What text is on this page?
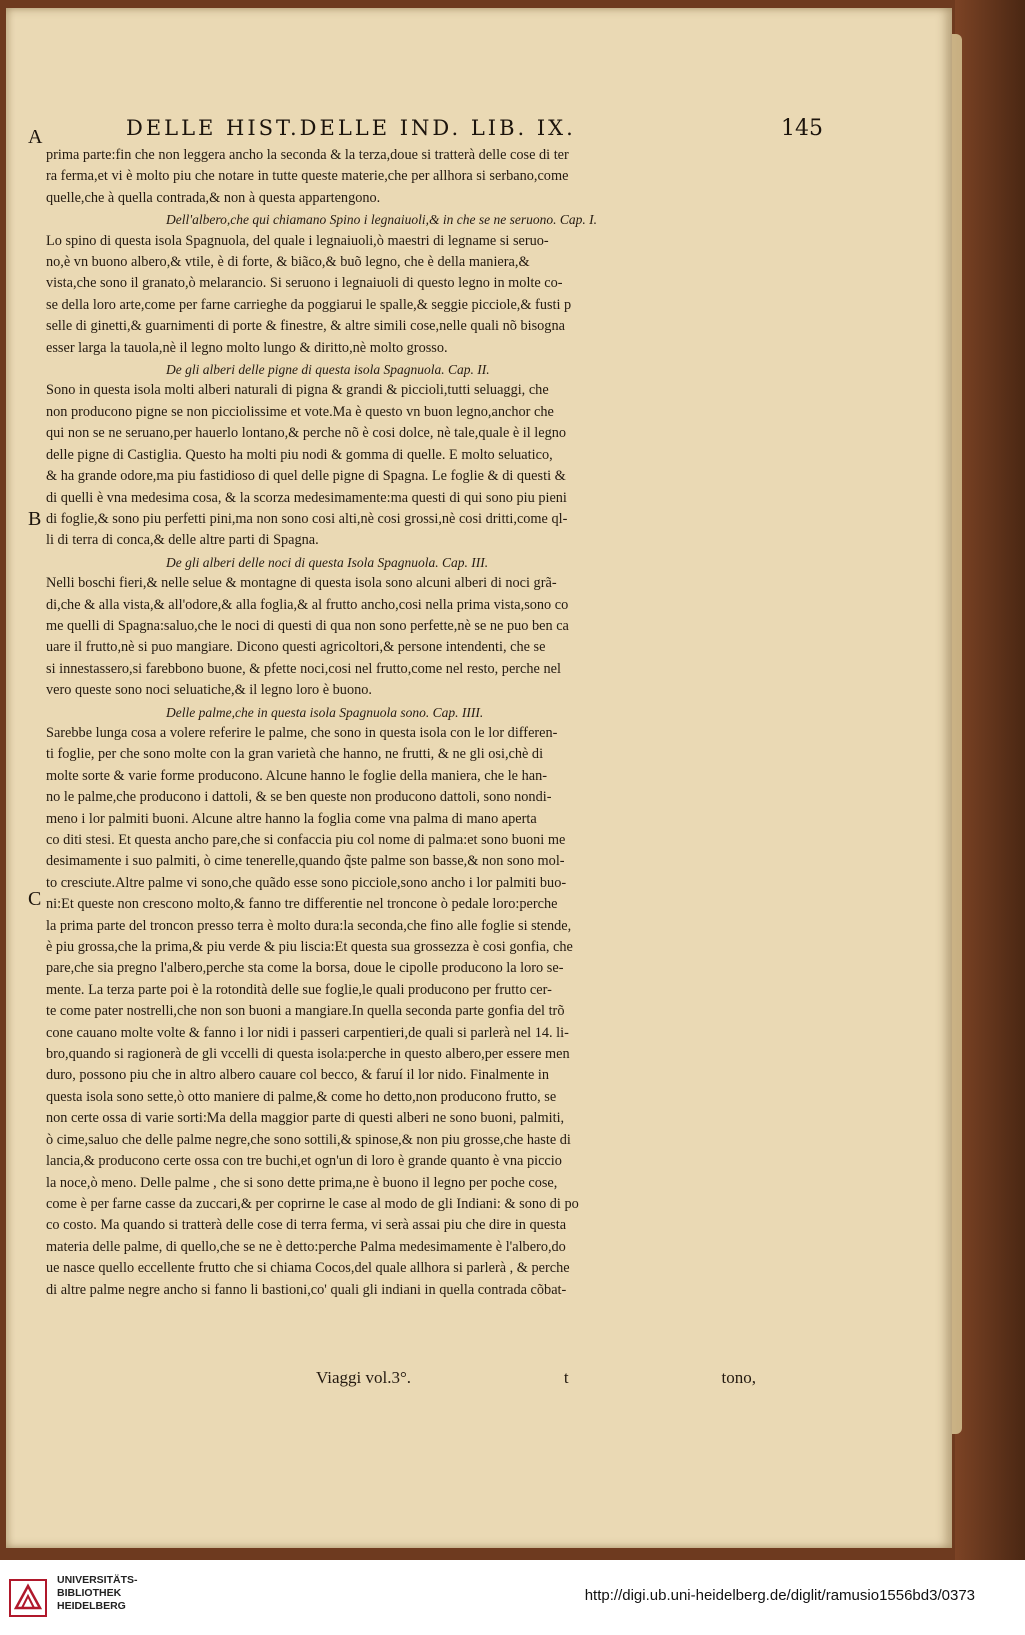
DELLE HIST.DELLE IND. LIB. IX.	145
A
B
C

prima parte:fin che non leggera ancho la seconda & la terza,doue si tratterà delle cose di ter

ra ferma,et vi è molto piu che notare in tutte queste materie,che per allhora si serbano,come

quelle,che à quella contrada,& non à questa appartengono.

Dell'albero,che qui chiamano Spino i legnaiuoli,& in che se ne seruono. Cap. I.

Lo spino di questa isola Spagnuola, del quale i legnaiuoli,ò maestri di legname si seruo-

no,è vn buono albero,& vtile, è di forte, & biãco,& buõ legno, che è della maniera,&

vista,che sono il granato,ò melarancio. Si seruono i legnaiuoli di questo legno in molte co-

se della loro arte,come per farne carrieghe da poggiarui le spalle,& seggie picciole,& fusti p

selle di ginetti,& guarnimenti di porte & finestre, & altre simili cose,nelle quali nõ bisogna

esser larga la tauola,nè il legno molto lungo & diritto,nè molto grosso.

De gli alberi delle pigne di questa isola Spagnuola. Cap. II.

Sono in questa isola molti alberi naturali di pigna & grandi & piccioli,tutti seluaggi, che

non producono pigne se non picciolissime et vote.Ma è questo vn buon legno,anchor che

qui non se ne seruano,per hauerlo lontano,& perche nõ è cosi dolce, nè tale,quale è il legno

delle pigne di Castiglia. Questo ha molti piu nodi & gomma di quelle. E molto seluatico,

& ha grande odore,ma piu fastidioso di quel delle pigne di Spagna. Le foglie & di questi &

di quelli è vna medesima cosa, & la scorza medesimamente:ma questi di qui sono piu pieni

di foglie,& sono piu perfetti pini,ma non sono cosi alti,nè cosi grossi,nè cosi dritti,come ql-

li di terra di conca,& delle altre parti di Spagna.

De gli alberi delle noci di questa Isola Spagnuola. Cap. III.

Nelli boschi fieri,& nelle selue & montagne di questa isola sono alcuni alberi di noci grã-

di,che & alla vista,& all'odore,& alla foglia,& al frutto ancho,cosi nella prima vista,sono co

me quelli di Spagna:saluo,che le noci di questi di qua non sono perfette,nè se ne puo ben ca

uare il frutto,nè si puo mangiare. Dicono questi agricoltori,& persone intendenti, che se

si innestassero,si farebbono buone, & pfette noci,cosi nel frutto,come nel resto, perche nel

vero queste sono noci seluatiche,& il legno loro è buono.

Delle palme,che in questa isola Spagnuola sono. Cap. IIII.

Sarebbe lunga cosa a volere referire le palme, che sono in questa isola con le lor differen-

ti foglie, per che sono molte con la gran varietà che hanno, ne frutti, & ne gli osi,chè di

molte sorte & varie forme producono. Alcune hanno le foglie della maniera, che le han-

no le palme,che producono i dattoli, & se ben queste non producono dattoli, sono nondi-

meno i lor palmiti buoni. Alcune altre hanno la foglia come vna palma di mano aperta

co diti stesi. Et questa ancho pare,che si confaccia piu col nome di palma:et sono buoni me

desimamente i suo palmiti, ò cime tenerelle,quando q̃ste palme son basse,& non sono mol-

to cresciute.Altre palme vi sono,che quãdo esse sono picciole,sono ancho i lor palmiti buo-

ni:Et queste non crescono molto,& fanno tre differentie nel troncone ò pedale loro:perche

la prima parte del troncon presso terra è molto dura:la seconda,che fino alle foglie si stende,

è piu grossa,che la prima,& piu verde & piu liscia:Et questa sua grossezza è cosi gonfia, che

pare,che sia pregno l'albero,perche sta come la borsa, doue le cipolle producono la loro se-

mente. La terza parte poi è la rotondità delle sue foglie,le quali producono per frutto cer-

te come pater nostrelli,che non son buoni a mangiare.In quella seconda parte gonfia del trõ

cone cauano molte volte & fanno i lor nidi i passeri carpentieri,de quali si parlerà nel 14. li-

bro,quando si ragionerà de gli vccelli di questa isola:perche in questo albero,per essere men

duro, possono piu che in altro albero cauare col becco, & faruí il lor nido. Finalmente in

questa isola sono sette,ò otto maniere di palme,& come ho detto,non producono frutto, se

non certe ossa di varie sorti:Ma della maggior parte di questi alberi ne sono buoni, palmiti,

ò cime,saluo che delle palme negre,che sono sottili,& spinose,& non piu grosse,che haste di

lancia,& producono certe ossa con tre buchi,et ogn'un di loro è grande quanto è vna piccio

la noce,ò meno. Delle palme , che si sono dette prima,ne è buono il legno per poche cose,

come è per farne casse da zuccari,& per coprirne le case al modo de gli Indiani: & sono di po

co costo. Ma quando si tratterà delle cose di terra ferma, vi serà assai piu che dire in questa

materia delle palme, di quello,che se ne è detto:perche Palma medesimamente è l'albero,do

ue nasce quello eccellente frutto che si chiama Cocos,del quale allhora si parlerà , & perche

di altre palme negre ancho si fanno li bastioni,co' quali gli indiani in quella contrada cõbat-

Viaggi vol.3°.	t	tono,
UNIVERSITÄTS-
BIBLIOTHEK
HEIDELBERG
http://digi.ub.uni-heidelberg.de/diglit/ramusio1556bd3/0373
